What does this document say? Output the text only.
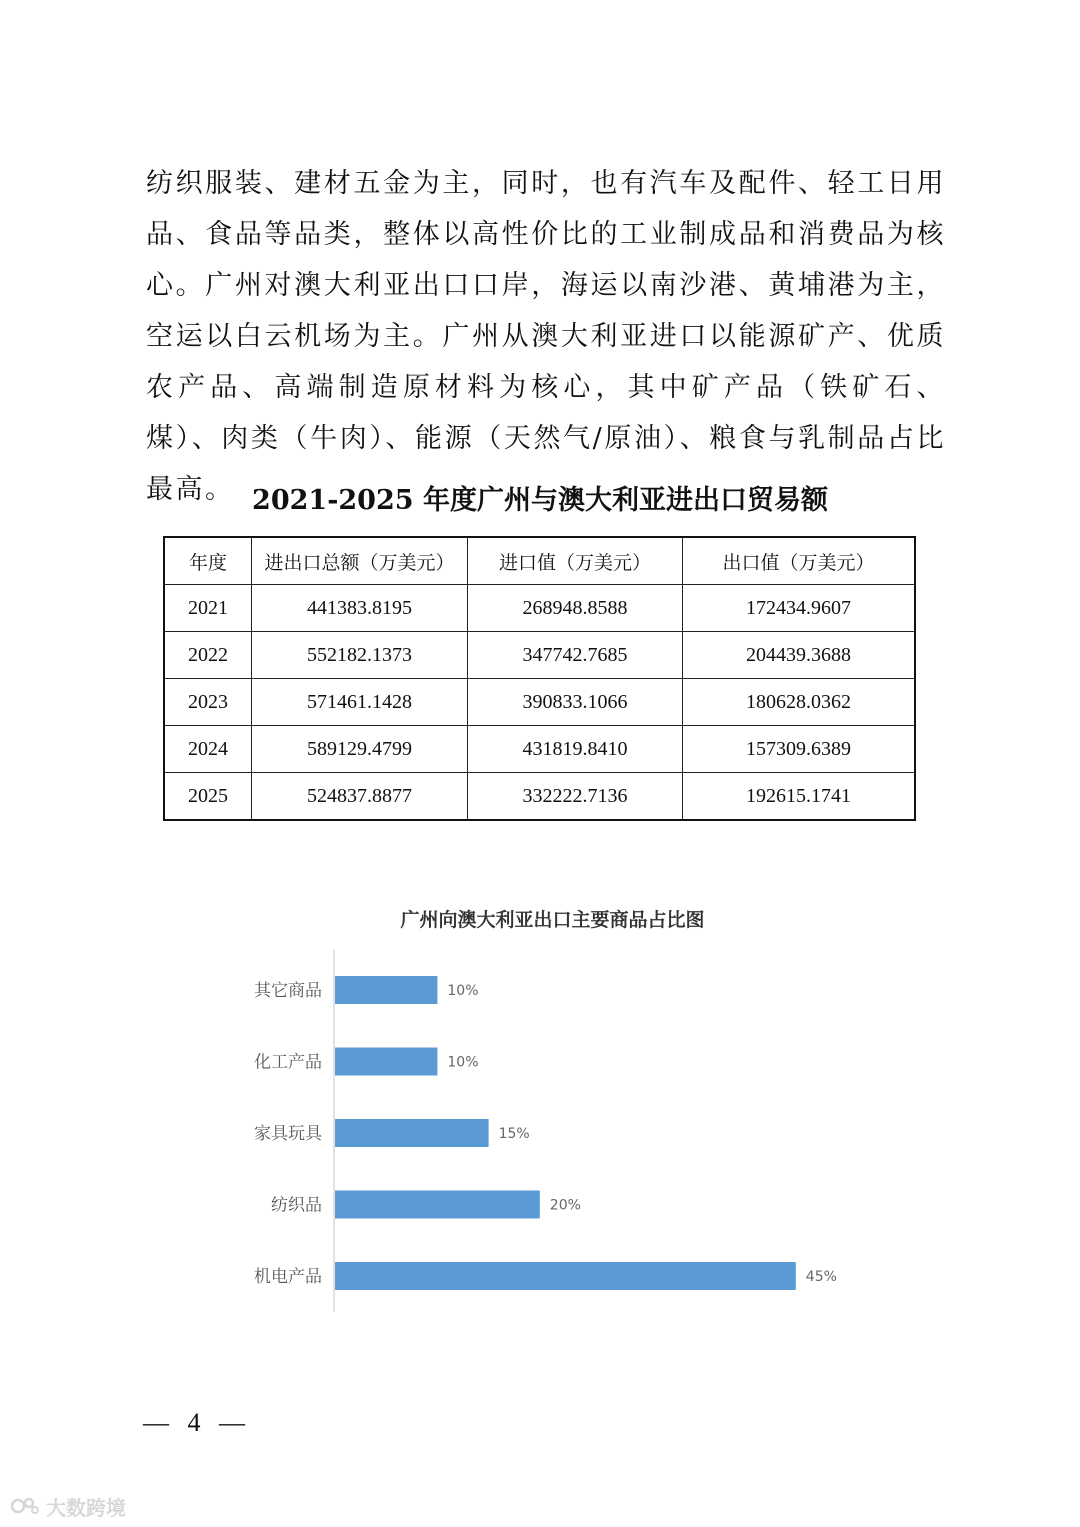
纺织服装、建材五金为主，同时，也有汽车及配件、轻工日用品、食品等品类，整体以高性价比的工业制成品和消费品为核心。广州对澳大利亚出口口岸，海运以南沙港、黄埔港为主，空运以白云机场为主。广州从澳大利亚进口以能源矿产、优质农产品、高端制造原材料为核心，其中矿产品（铁矿石、煤）、肉类（牛肉）、能源（天然气/原油）、粮食与乳制品占比最高。 2021-2025 年度广州与澳大利亚进出口贸易额
年度	进出口总额（万美元）	进口值（万美元）	出口值（万美元）
2021	441383.8195	268948.8588	172434.9607
2022	552182.1373	347742.7685	204439.3688
2023	571461.1428	390833.1066	180628.0362
2024	589129.4799	431819.8410	157309.6389
2025	524837.8877	332222.7136	192615.1741
广州向澳大利亚出口主要商品占比图
其它商品	10%
化工产品	10%
家具玩具	15%
纺织品	20%
机电产品	45%
— 4 —
大数跨境
